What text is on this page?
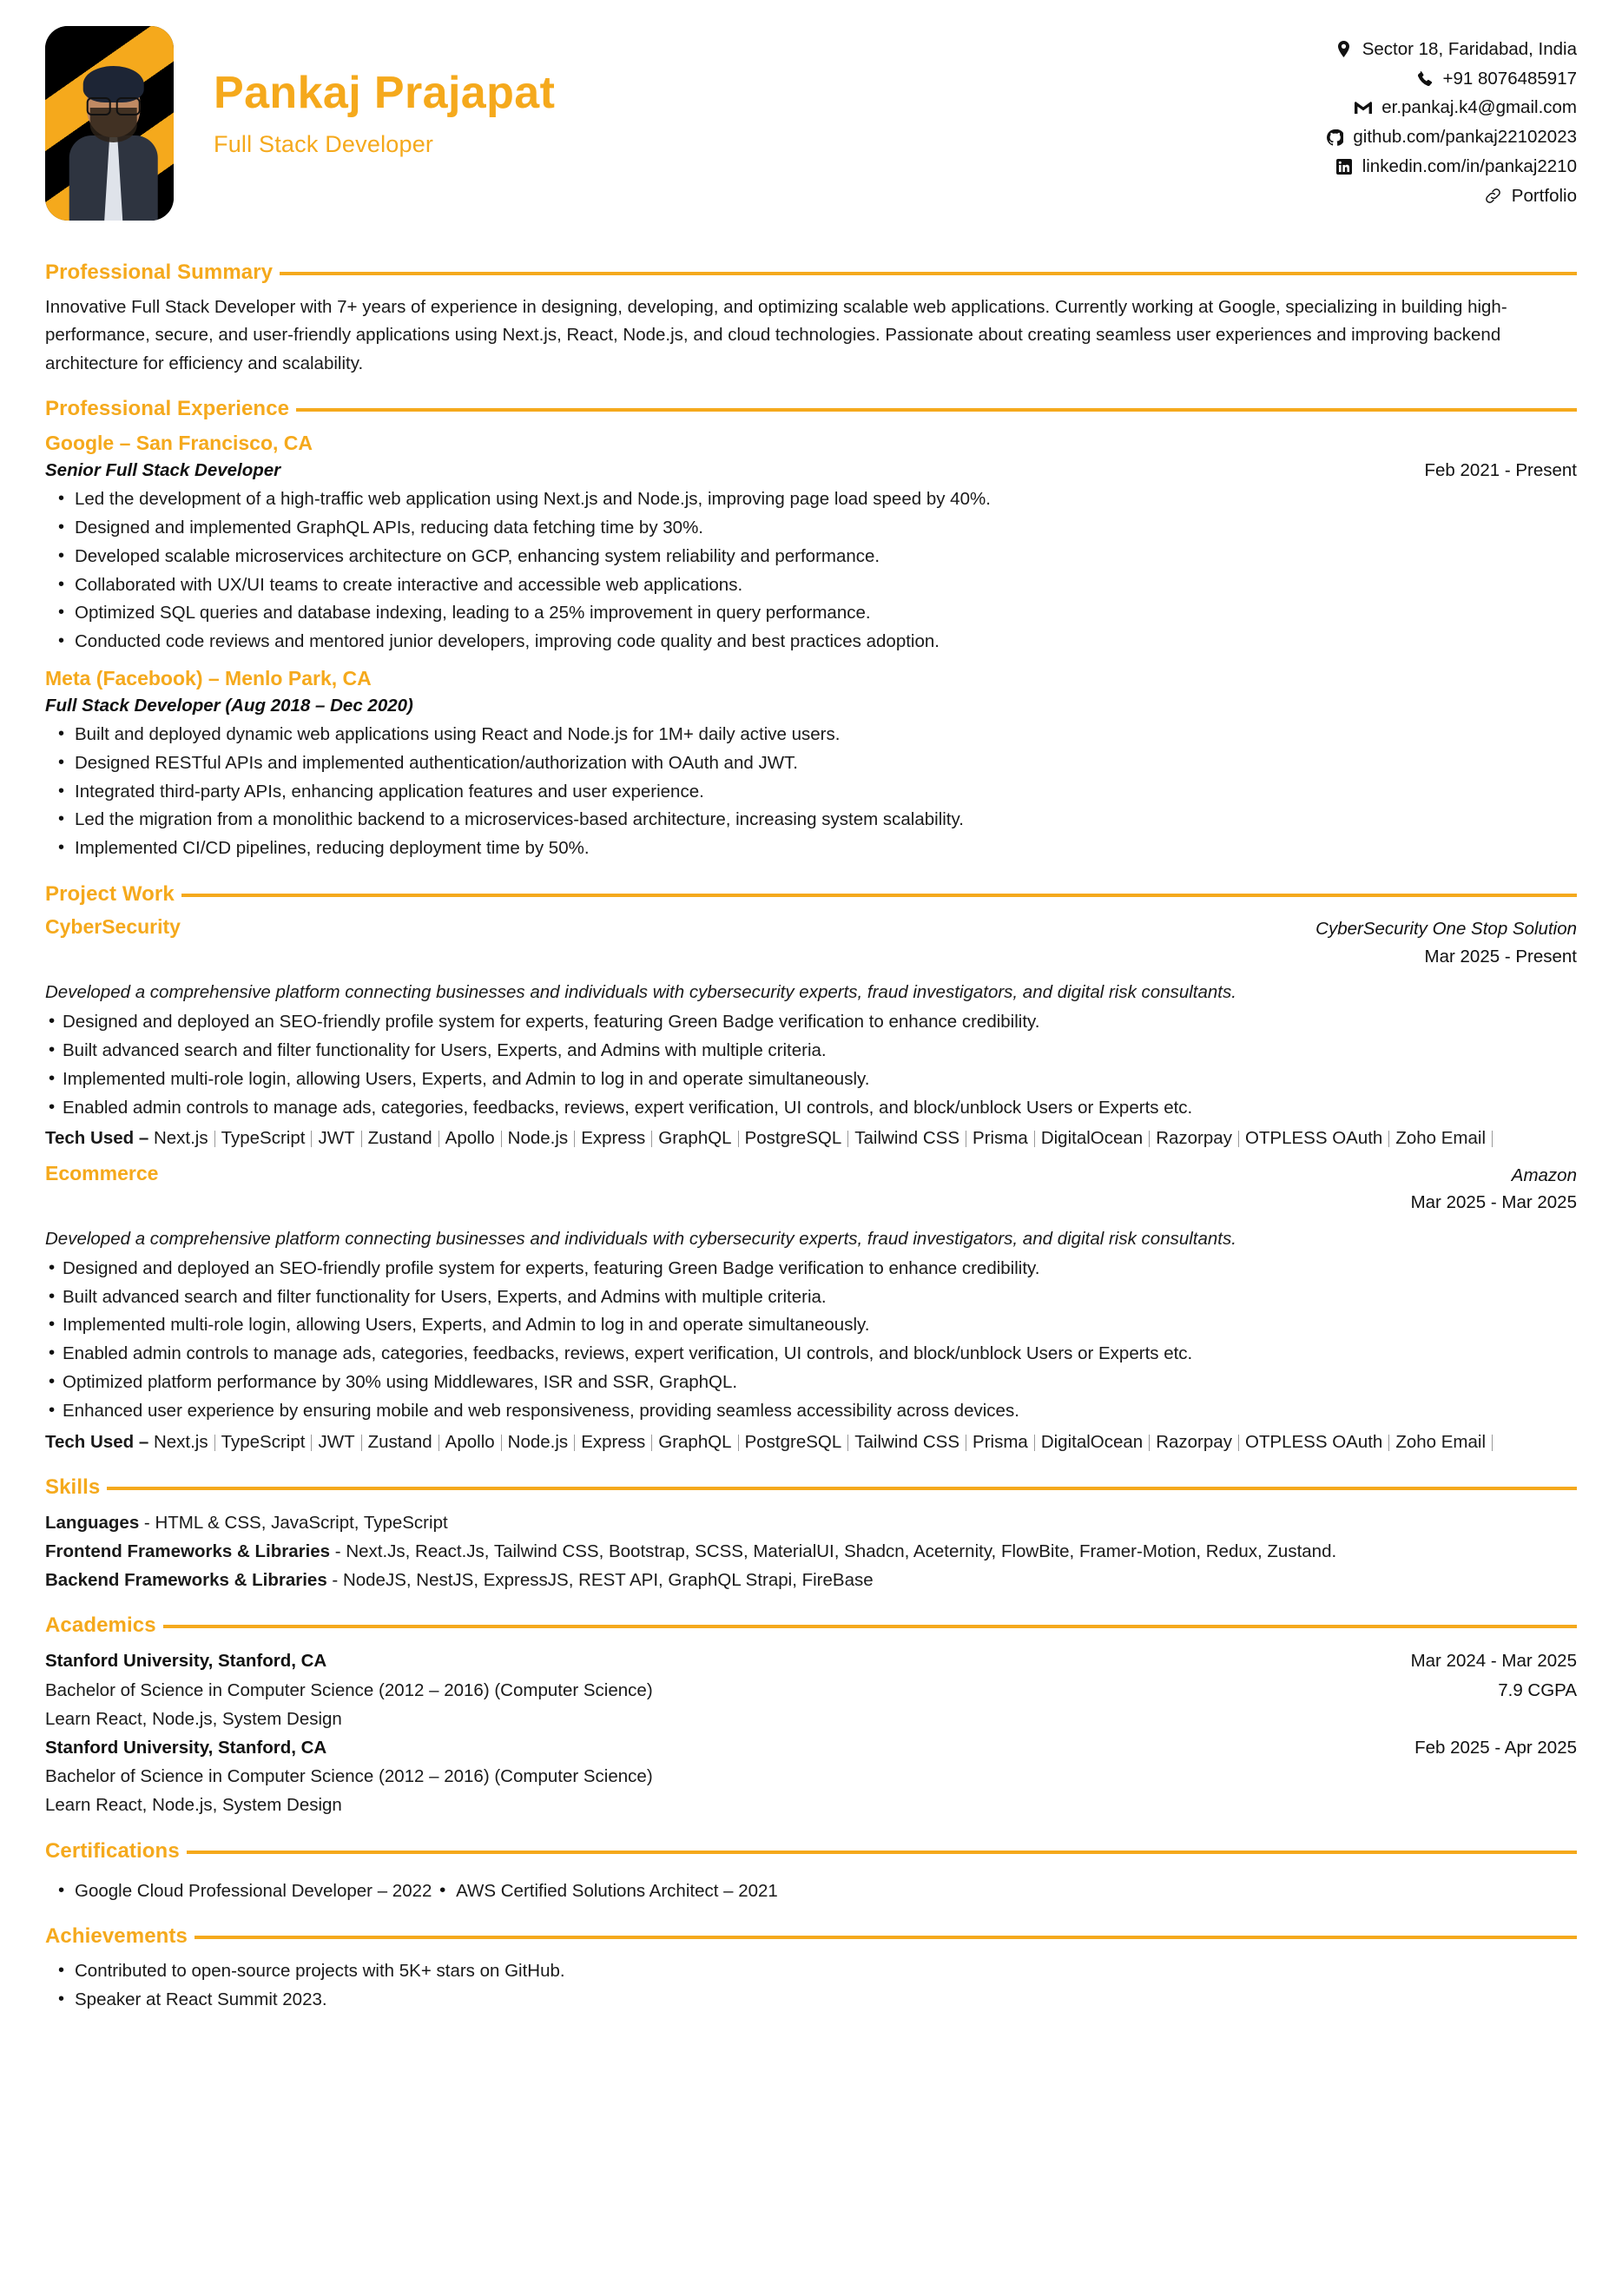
Pankaj Prajapat
Full Stack Developer
Sector 18, Faridabad, India
+91 8076485917
er.pankaj.k4@gmail.com
github.com/pankaj22102023
linkedin.com/in/pankaj2210
Portfolio
Professional Summary

Innovative Full Stack Developer with 7+ years of experience in designing, developing, and optimizing scalable web applications. Currently working at Google, specializing in building high-performance, secure, and user-friendly applications using Next.js, React, Node.js, and cloud technologies. Passionate about creating seamless user experiences and improving backend architecture for efficiency and scalability.

Professional Experience
Google – San Francisco, CA
Senior Full Stack Developer	Feb 2021 - Present
• Led the development of a high-traffic web application using Next.js and Node.js, improving page load speed by 40%.
• Designed and implemented GraphQL APIs, reducing data fetching time by 30%.
• Developed scalable microservices architecture on GCP, enhancing system reliability and performance.
• Collaborated with UX/UI teams to create interactive and accessible web applications.
• Optimized SQL queries and database indexing, leading to a 25% improvement in query performance.
• Conducted code reviews and mentored junior developers, improving code quality and best practices adoption.
Meta (Facebook) – Menlo Park, CA
Full Stack Developer (Aug 2018 – Dec 2020)
• Built and deployed dynamic web applications using React and Node.js for 1M+ daily active users.
• Designed RESTful APIs and implemented authentication/authorization with OAuth and JWT.
• Integrated third-party APIs, enhancing application features and user experience.
• Led the migration from a monolithic backend to a microservices-based architecture, increasing system scalability.
• Implemented CI/CD pipelines, reducing deployment time by 50%.
Project Work
CyberSecurity	CyberSecurity One Stop Solution
Mar 2025 - Present
Developed a comprehensive platform connecting businesses and individuals with cybersecurity experts, fraud investigators, and digital risk consultants.
• Designed and deployed an SEO-friendly profile system for experts, featuring Green Badge verification to enhance credibility.
• Built advanced search and filter functionality for Users, Experts, and Admins with multiple criteria.
• Implemented multi-role login, allowing Users, Experts, and Admin to log in and operate simultaneously.
• Enabled admin controls to manage ads, categories, feedbacks, reviews, expert verification, UI controls, and block/unblock Users or Experts etc.
Tech Used – Next.js TypeScript JWT Zustand Apollo Node.js Express GraphQL PostgreSQL Tailwind CSS Prisma DigitalOcean Razorpay OTPLESS OAuth Zoho Email
Ecommerce	Amazon
Mar 2025 - Mar 2025
Developed a comprehensive platform connecting businesses and individuals with cybersecurity experts, fraud investigators, and digital risk consultants.
• Designed and deployed an SEO-friendly profile system for experts, featuring Green Badge verification to enhance credibility.
• Built advanced search and filter functionality for Users, Experts, and Admins with multiple criteria.
• Implemented multi-role login, allowing Users, Experts, and Admin to log in and operate simultaneously.
• Enabled admin controls to manage ads, categories, feedbacks, reviews, expert verification, UI controls, and block/unblock Users or Experts etc.
• Optimized platform performance by 30% using Middlewares, ISR and SSR, GraphQL.
• Enhanced user experience by ensuring mobile and web responsiveness, providing seamless accessibility across devices.
Tech Used – Next.js TypeScript JWT Zustand Apollo Node.js Express GraphQL PostgreSQL Tailwind CSS Prisma DigitalOcean Razorpay OTPLESS OAuth Zoho Email
Skills
Languages - HTML & CSS, JavaScript, TypeScript
Frontend Frameworks & Libraries - Next.Js, React.Js, Tailwind CSS, Bootstrap, SCSS, MaterialUI, Shadcn, Aceternity, FlowBite, Framer-Motion, Redux, Zustand.
Backend Frameworks & Libraries - NodeJS, NestJS, ExpressJS, REST API, GraphQL Strapi, FireBase
Academics
Stanford University, Stanford, CA	Mar 2024 - Mar 2025
Bachelor of Science in Computer Science (2012 – 2016) (Computer Science)	7.9 CGPA
Learn React, Node.js, System Design
Stanford University, Stanford, CA	Feb 2025 - Apr 2025
Bachelor of Science in Computer Science (2012 – 2016) (Computer Science)
Learn React, Node.js, System Design
Certifications
• Google Cloud Professional Developer – 2022 • AWS Certified Solutions Architect – 2021
Achievements
• Contributed to open-source projects with 5K+ stars on GitHub.
• Speaker at React Summit 2023.
